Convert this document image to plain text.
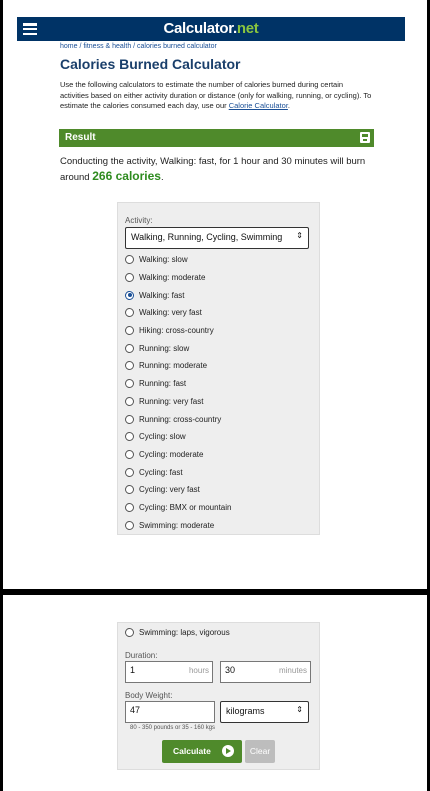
Calculator.net
home / fitness & health / calories burned calculator
Calories Burned Calculator
Use the following calculators to estimate the number of calories burned during certain activities based on either activity duration or distance (only for walking, running, or cycling). To estimate the calories consumed each day, use our Calorie Calculator.
Result
Conducting the activity, Walking: fast, for 1 hour and 30 minutes will burn around 266 calories.
Activity:
Walking, Running, Cycling, Swimming ⇕
Walking: slow
Walking: moderate
Walking: fast
Walking: very fast
Hiking: cross-country
Running: slow
Running: moderate
Running: fast
Running: very fast
Running: cross-country
Cycling: slow
Cycling: moderate
Cycling: fast
Cycling: very fast
Cycling: BMX or mountain
Swimming: moderate
Swimming: laps, vigorous
Duration:
1	hours	30	minutes
Body Weight:
47	kilograms	⇕
80 - 350 pounds or 35 - 160 kgs
Calculate	Clear
